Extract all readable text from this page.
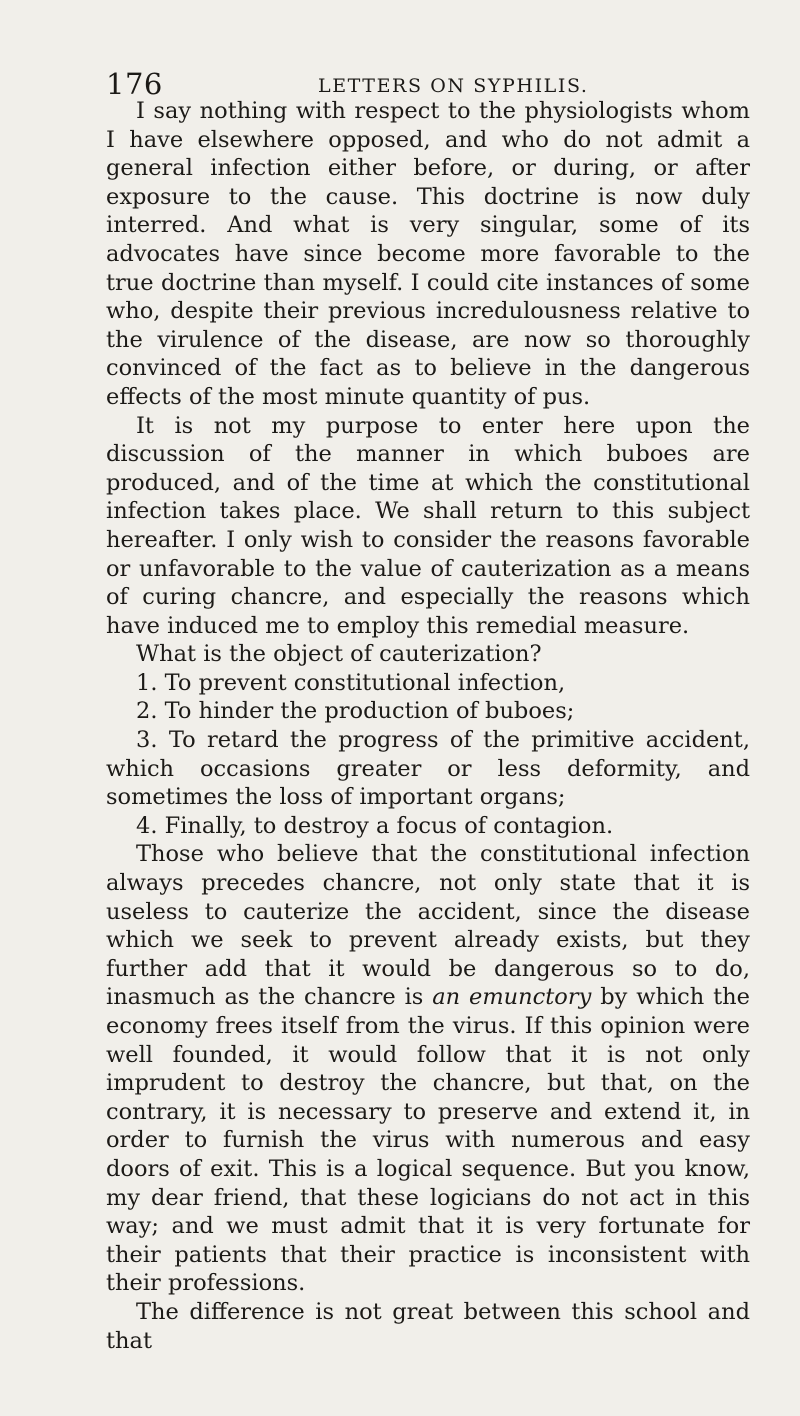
176	LETTERS ON SYPHILIS.

I say nothing with respect to the physiologists whom I have elsewhere opposed, and who do not admit a general infection either before, or during, or after exposure to the cause. This doctrine is now duly interred. And what is very singular, some of its advocates have since become more favorable to the true doctrine than myself. I could cite instances of some who, despite their previous incredulousness relative to the virulence of the disease, are now so thoroughly convinced of the fact as to believe in the dangerous effects of the most minute quantity of pus.

It is not my purpose to enter here upon the discussion of the manner in which buboes are produced, and of the time at which the constitutional infection takes place. We shall return to this subject hereafter. I only wish to consider the reasons favorable or unfavorable to the value of cauterization as a means of curing chancre, and especially the reasons which have induced me to employ this remedial measure.

What is the object of cauterization?

1. To prevent constitutional infection,

2. To hinder the production of buboes;

3. To retard the progress of the primitive accident, which occasions greater or less deformity, and sometimes the loss of important organs;

4. Finally, to destroy a focus of contagion.

Those who believe that the constitutional infection always precedes chancre, not only state that it is useless to cauterize the accident, since the disease which we seek to prevent already exists, but they further add that it would be dangerous so to do, inasmuch as the chancre is an emunctory by which the economy frees itself from the virus. If this opinion were well founded, it would follow that it is not only imprudent to destroy the chancre, but that, on the contrary, it is necessary to preserve and extend it, in order to furnish the virus with numerous and easy doors of exit. This is a logical sequence. But you know, my dear friend, that these logicians do not act in this way; and we must admit that it is very fortunate for their patients that their practice is inconsistent with their professions.

The difference is not great between this school and that
